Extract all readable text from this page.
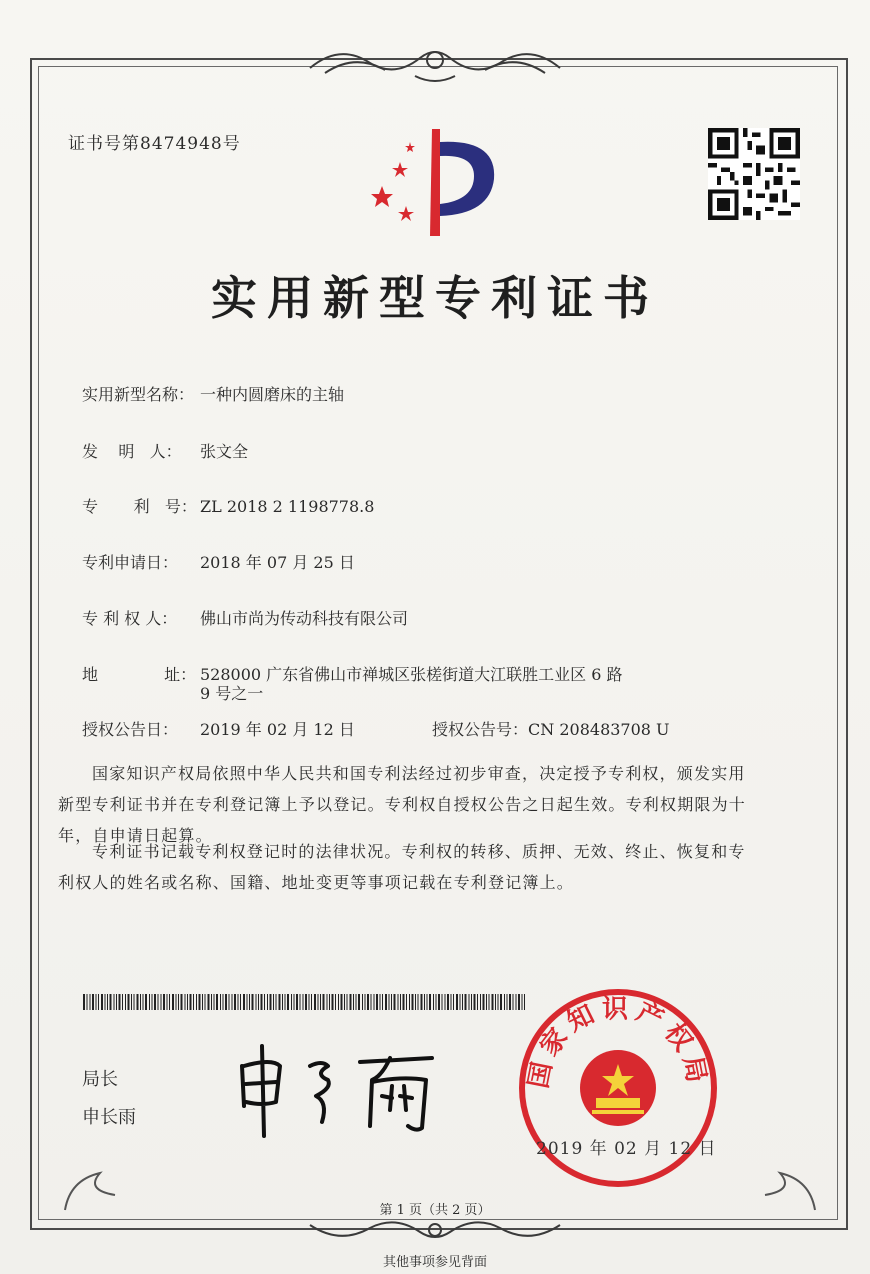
证书号第8474948号
实用新型专利证书
实用新型名称： 一种内圆磨床的主轴
发    明   人： 张文全
专       利   号： ZL 2018 2 1198778.8
专利申请日： 2018 年 07 月 25 日
专 利 权 人： 佛山市尚为传动科技有限公司
地             址： 528000 广东省佛山市禅城区张槎街道大江联胜工业区 6 路
9 号之一
授权公告日： 2019 年 02 月 12 日	授权公告号：CN 208483708 U
国家知识产权局依照中华人民共和国专利法经过初步审查，决定授予专利权，颁发实用
新型专利证书并在专利登记簿上予以登记。专利权自授权公告之日起生效。专利权期限为十
年，自申请日起算。
专利证书记载专利权登记时的法律状况。专利权的转移、质押、无效、终止、恢复和专
利权人的姓名或名称、国籍、地址变更等事项记载在专利登记簿上。
局长
申长雨
国家知识产权局
2019 年 02 月 12 日
第 1 页（共 2 页）
其他事项参见背面
